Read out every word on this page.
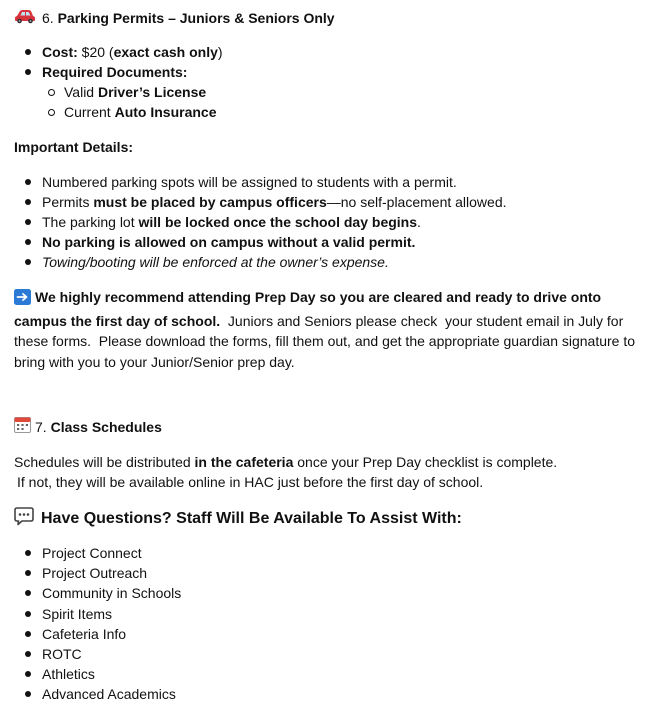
6.
Parking Permits – Juniors & Seniors Only
Cost: $20 (exact cash only)
Required Documents:
Valid Driver’s License
Current Auto Insurance
Important Details:
Numbered parking spots will be assigned to students with a permit.
Permits must be placed by campus officers—no self-placement allowed.
The parking lot will be locked once the school day begins.
No parking is allowed on campus without a valid permit.
Towing/booting will be enforced at the owner’s expense.
We highly recommend attending Prep Day so you are cleared and ready to drive onto campus the first day of school.  Juniors and Seniors please check  your student email in July for these forms.  Please download the forms, fill them out, and get the appropriate guardian signature to bring with you to your Junior/Senior prep day.
7.
Class Schedules
Schedules will be distributed in the cafeteria once your Prep Day checklist is complete.
If not, they will be available online in HAC just before the first day of school.
Have Questions? Staff Will Be Available To Assist With:
Project Connect
Project Outreach
Community in Schools
Spirit Items
Cafeteria Info
ROTC
Athletics
Advanced Academics
